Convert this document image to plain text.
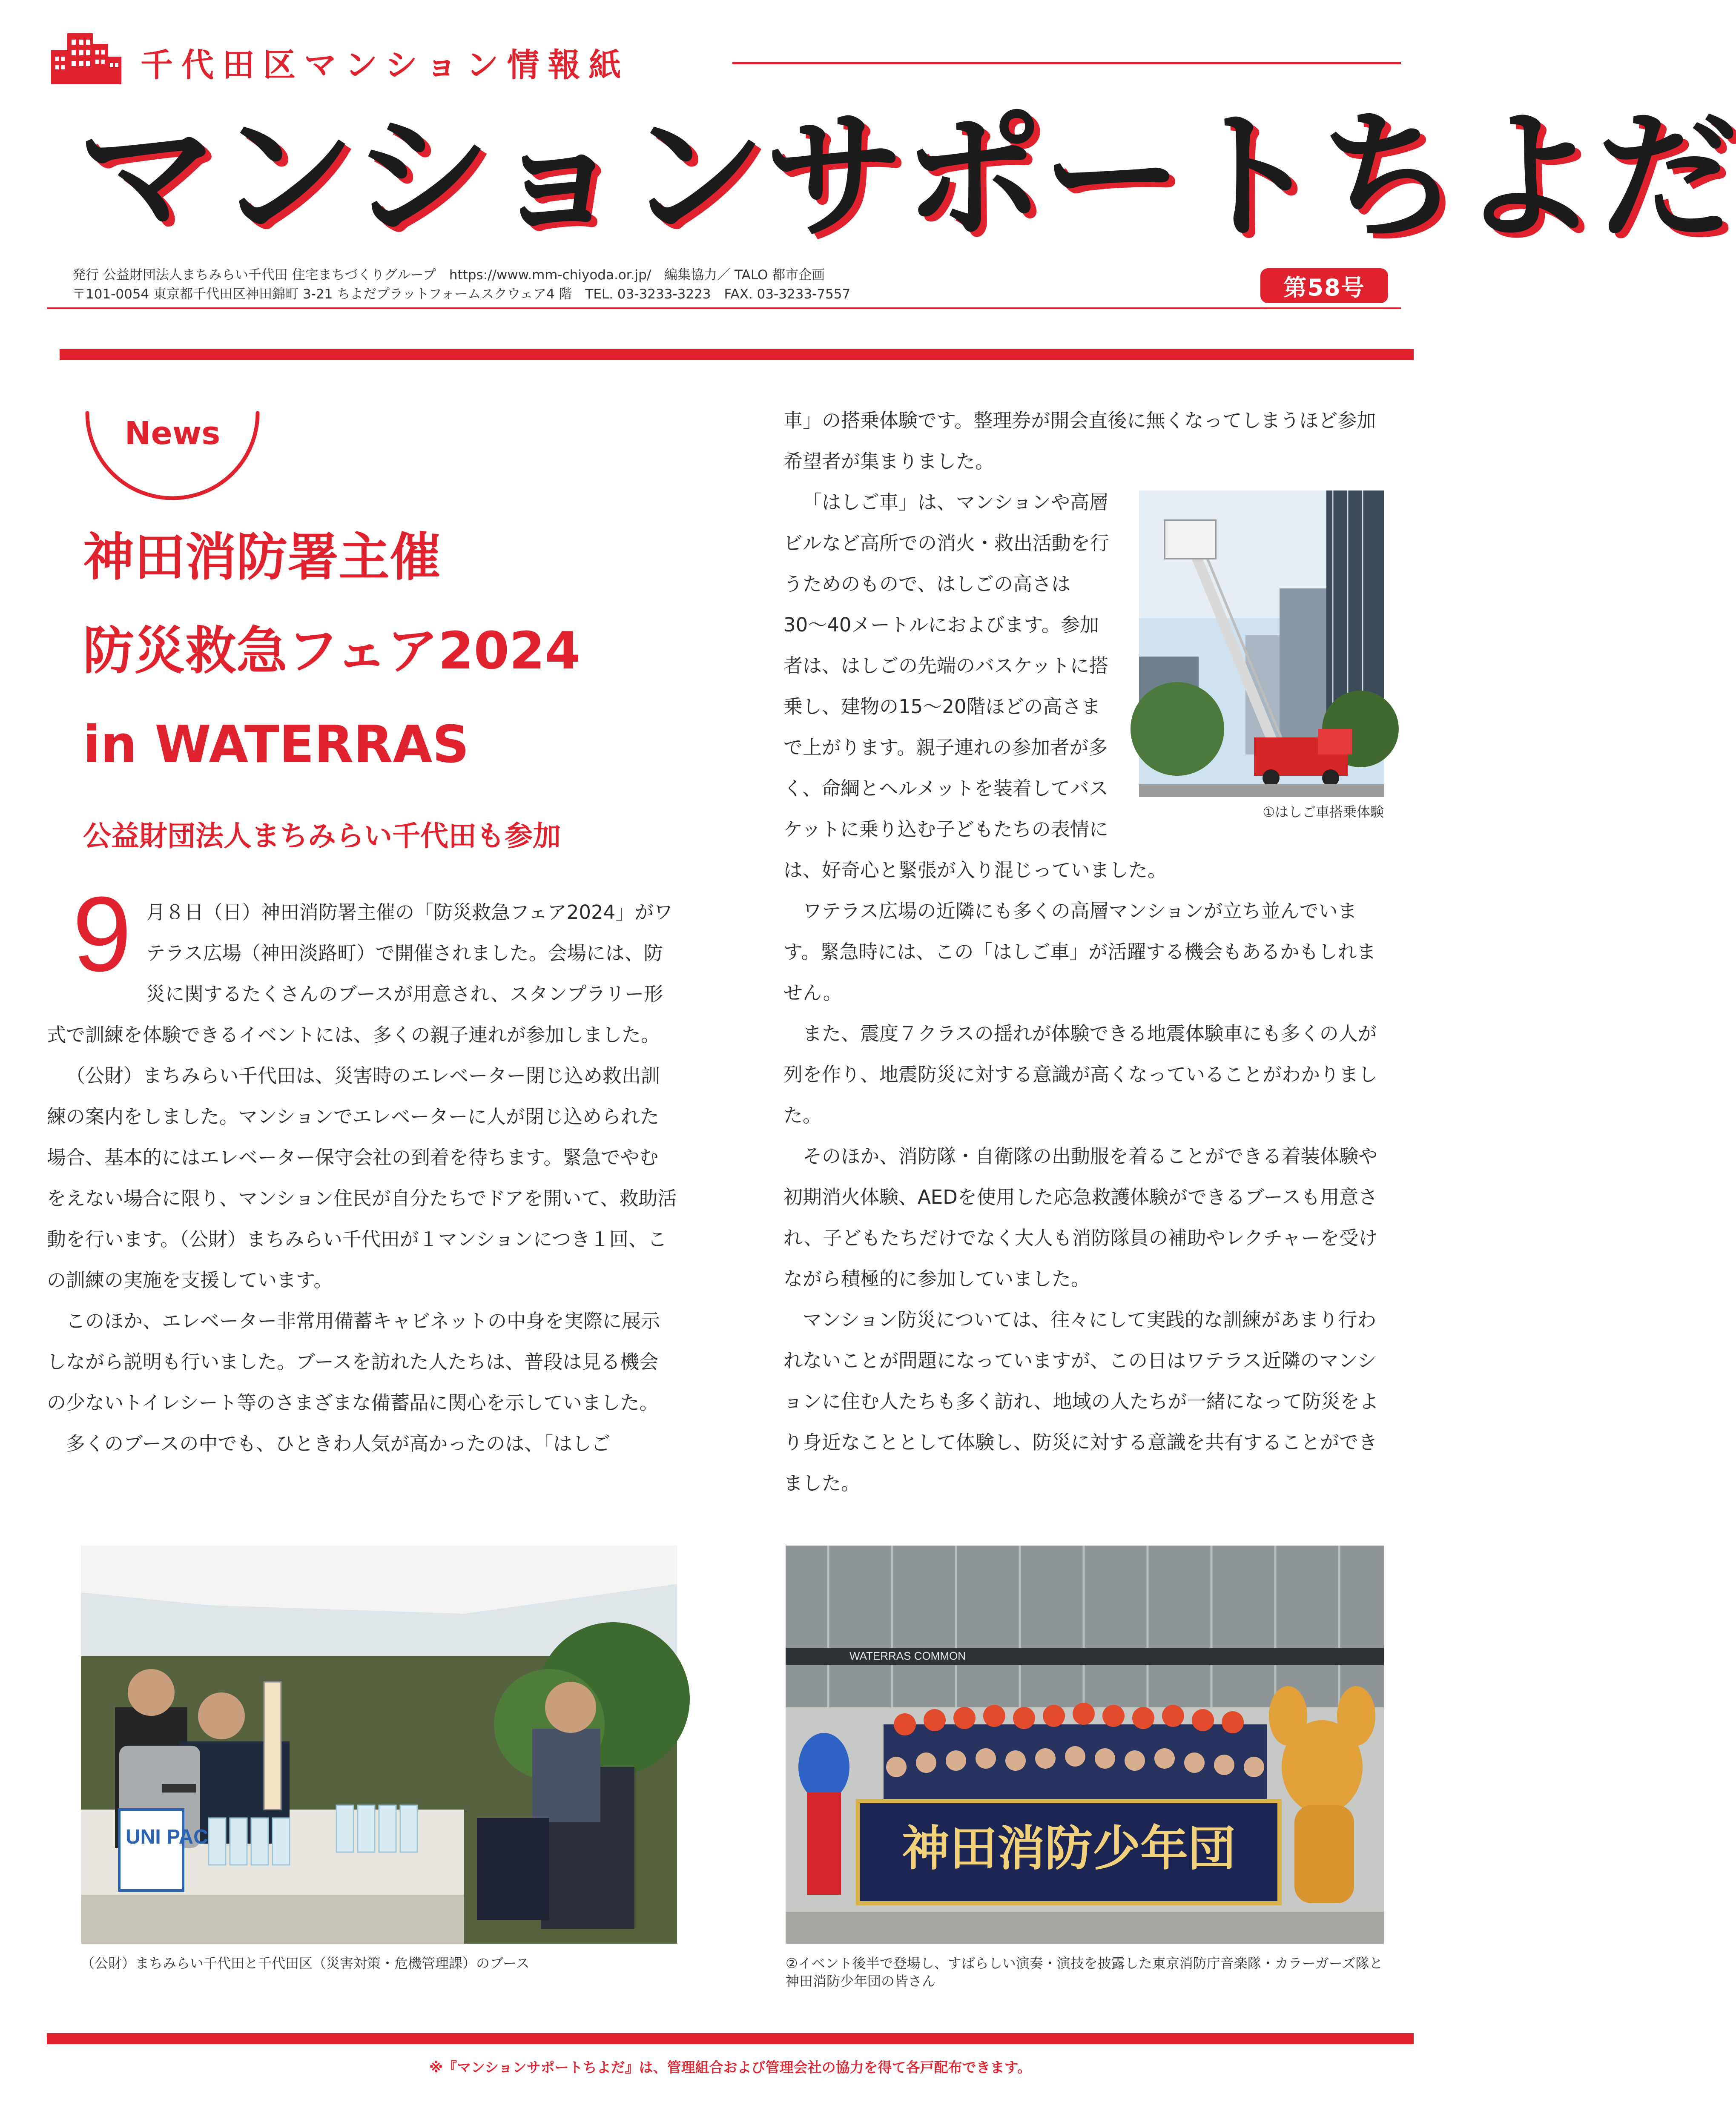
千代田区マンション情報紙
マンションサポートちよだ
発行 公益財団法人まちみらい千代田 住宅まちづくりグループ　https://www.mm-chiyoda.or.jp/　編集協力／ TALO 都市企画
〒101-0054 東京都千代田区神田錦町 3-21 ちよだプラットフォームスクウェア4 階　TEL. 03-3233-3223　FAX. 03-3233-7557	第58号
News
神田消防署主催
防災救急フェア2024
in WATERRAS
公益財団法人まちみらい千代田も参加

9 月８日（日）神田消防署主催の「防災救急フェア2024」がワテラス広場（神田淡路町）で開催されました。会場には、防災に関するたくさんのブースが用意され、スタンプラリー形式で訓練を体験できるイベントには、多くの親子連れが参加しました。

（公財）まちみらい千代田は、災害時のエレベーター閉じ込め救出訓練の案内をしました。マンションでエレベーターに人が閉じ込められた場合、基本的にはエレベーター保守会社の到着を待ちます。緊急でやむをえない場合に限り、マンション住民が自分たちでドアを開いて、救助活動を行います。（公財）まちみらい千代田が１マンションにつき１回、この訓練の実施を支援しています。

このほか、エレベーター非常用備蓄キャビネットの中身を実際に展示しながら説明も行いました。ブースを訪れた人たちは、普段は見る機会の少ないトイレシート等のさまざまな備蓄品に関心を示していました。

多くのブースの中でも、ひときわ人気が高かったのは、「はしご

車」の搭乗体験です。整理券が開会直後に無くなってしまうほど参加希望者が集まりました。

①はしご車搭乗体験

「はしご車」は、マンションや高層ビルなど高所での消火・救出活動を行うためのもので、はしごの高さは30〜40メートルにおよびます。参加者は、はしごの先端のバスケットに搭乗し、建物の15〜20階ほどの高さまで上がります。親子連れの参加者が多く、命綱とヘルメットを装着してバスケットに乗り込む子どもたちの表情には、好奇心と緊張が入り混じっていました。

ワテラス広場の近隣にも多くの高層マンションが立ち並んでいます。緊急時には、この「はしご車」が活躍する機会もあるかもしれません。

また、震度７クラスの揺れが体験できる地震体験車にも多くの人が列を作り、地震防災に対する意識が高くなっていることがわかりました。

そのほか、消防隊・自衛隊の出動服を着ることができる着装体験や初期消火体験、AEDを使用した応急救護体験ができるブースも用意され、子どもたちだけでなく大人も消防隊員の補助やレクチャーを受けながら積極的に参加していました。

マンション防災については、往々にして実践的な訓練があまり行われないことが問題になっていますが、この日はワテラス近隣のマンションに住む人たちも多く訪れ、地域の人たちが一緒になって防災をより身近なこととして体験し、防災に対する意識を共有することができました。

UNI PAC
（公財）まちみらい千代田と千代田区（災害対策・危機管理課）のブース
WATERRAS COMMON
神田消防少年団
②イベント後半で登場し、すばらしい演奏・演技を披露した東京消防庁音楽隊・カラーガーズ隊と神田消防少年団の皆さん
※『マンションサポートちよだ』は、管理組合および管理会社の協力を得て各戸配布できます。
